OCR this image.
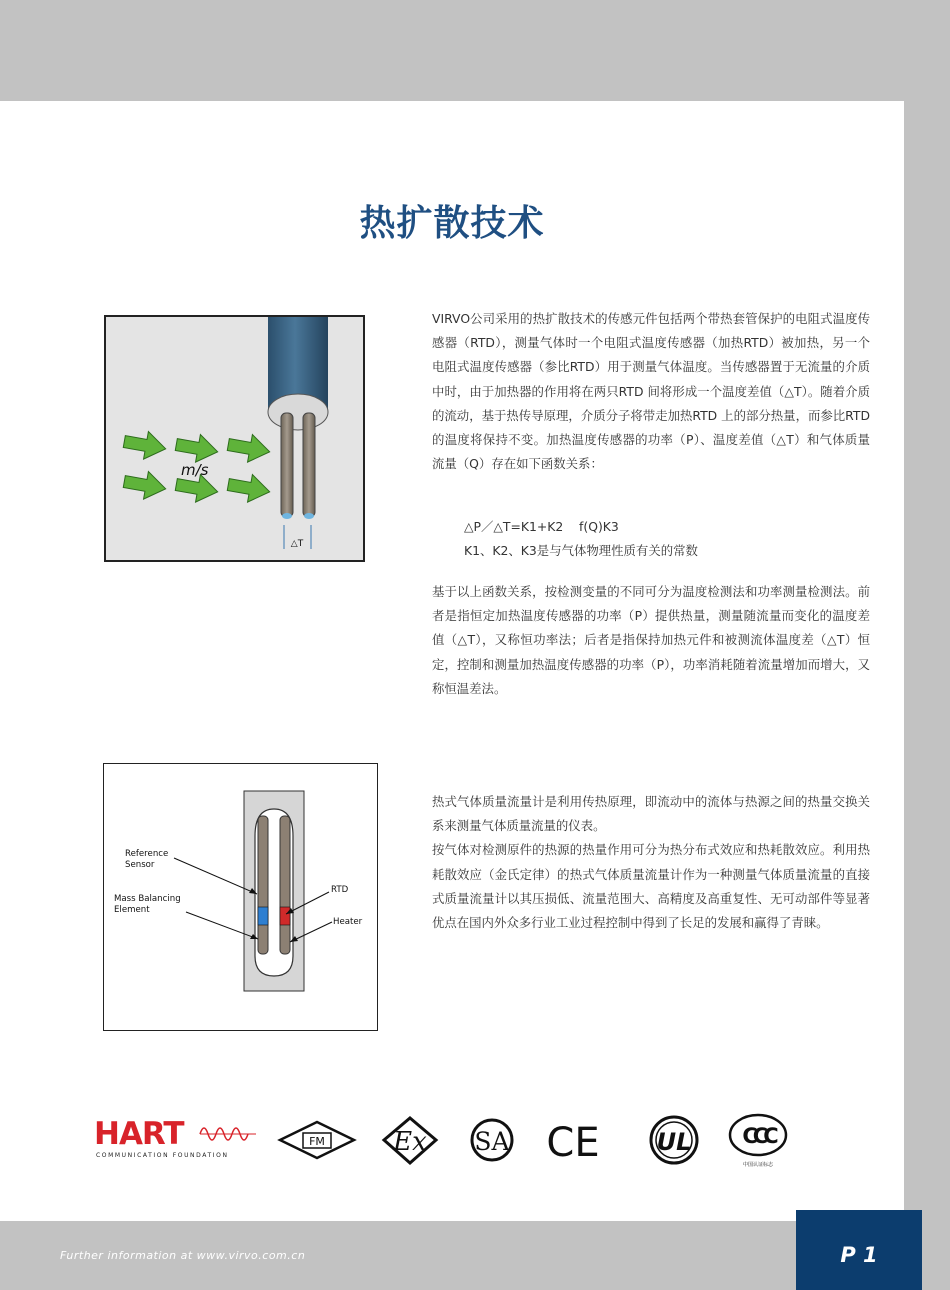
热扩散技术
△T
m/s
VIRVO公司采用的热扩散技术的传感元件包括两个带热套管保护的电阻式温度传感器（RTD），测量气体时一个电阻式温度传感器（加热RTD）被加热，另一个电阻式温度传感器（参比RTD）用于测量气体温度。当传感器置于无流量的介质中时，由于加热器的作用将在两只RTD 间将形成一个温度差值（△T）。随着介质的流动，基于热传导原理，介质分子将带走加热RTD 上的部分热量，而参比RTD 的温度将保持不变。加热温度传感器的功率（P）、温度差值（△T）和气体质量流量（Q）存在如下函数关系：
△P／△T=K1+K2    f(Q)K3
K1、K2、K3是与气体物理性质有关的常数
基于以上函数关系，按检测变量的不同可分为温度检测法和功率测量检测法。前者是指恒定加热温度传感器的功率（P）提供热量，测量随流量而变化的温度差值（△T），又称恒功率法；后者是指保持加热元件和被测流体温度差（△T）恒定，控制和测量加热温度传感器的功率（P），功率消耗随着流量增加而增大，又称恒温差法。
Reference
Sensor
Mass Balancing
Element
RTD
Heater
热式气体质量流量计是利用传热原理，即流动中的流体与热源之间的热量交换关系来测量气体质量流量的仪表。
按气体对检测原件的热源的热量作用可分为热分布式效应和热耗散效应。利用热耗散效应（金氏定律）的热式气体质量流量计作为一种测量气体质量流量的直接式质量流量计以其压损低、流量范围大、高精度及高重复性、无可动部件等显著优点在国内外众多行业工业过程控制中得到了长足的发展和赢得了青睐。
HART
COMMUNICATION FOUNDATION
FM	Ex SA CE UL CCC
中国认证标志
Further information at www.virvo.com.cn	P 1
